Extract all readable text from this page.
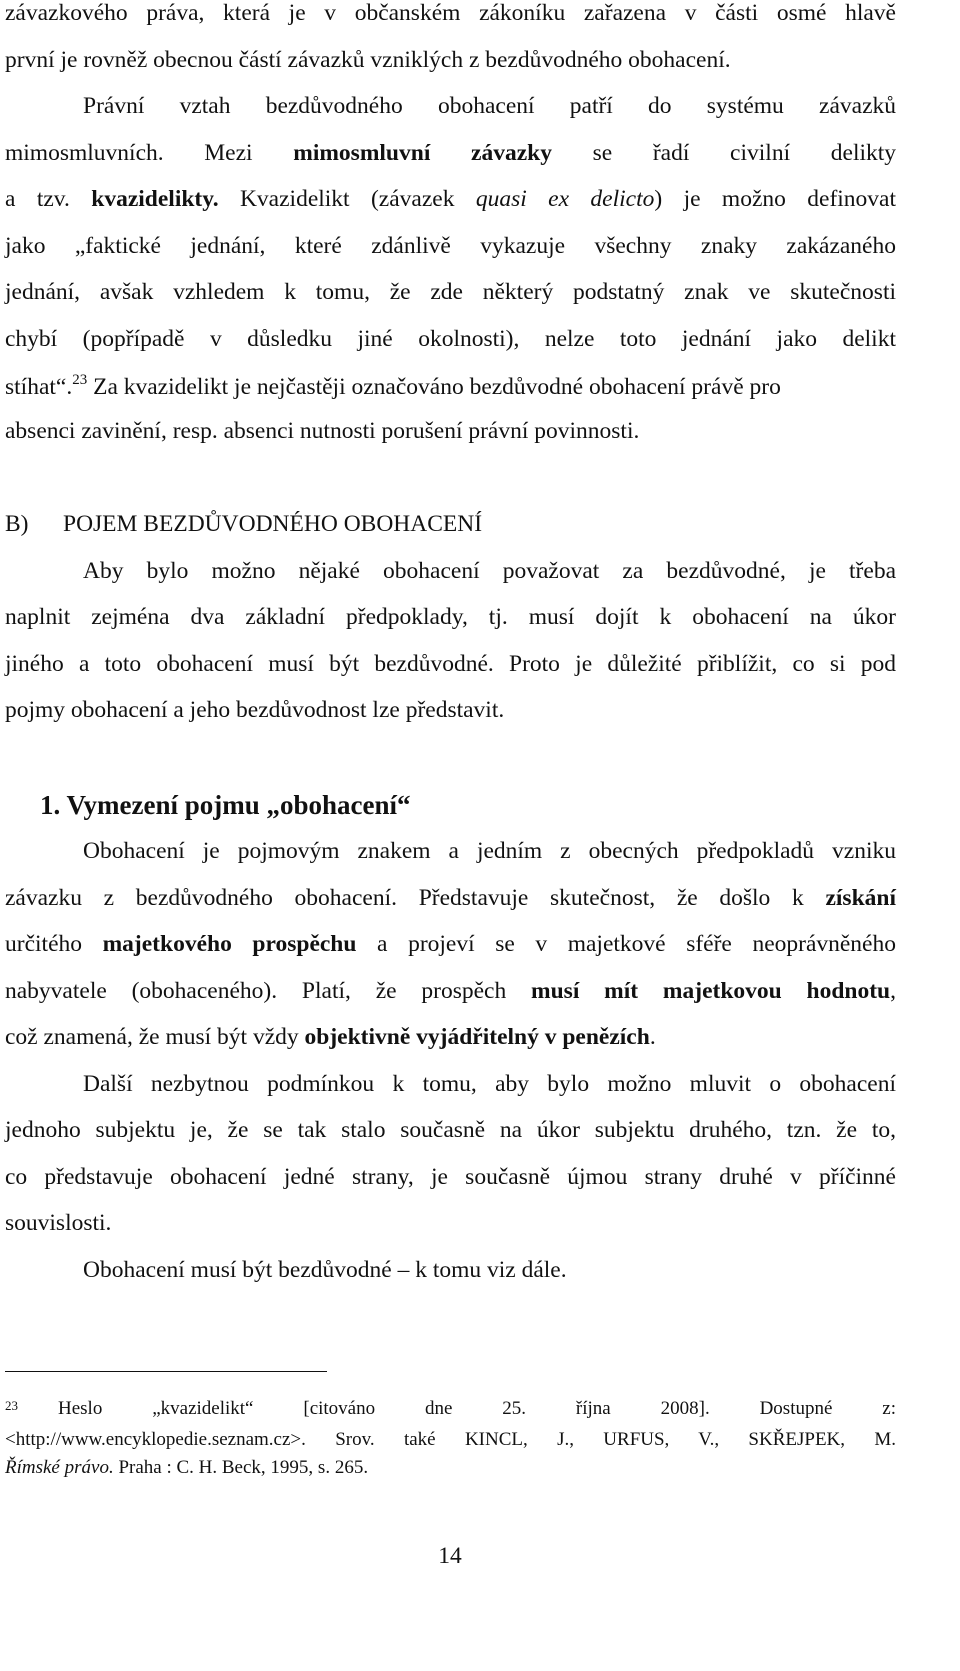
závazkového práva, která je v občanském zákoníku zařazena v části osmé hlavě
první je rovněž obecnou částí závazků vzniklých z bezdůvodného obohacení.
Právní vztah bezdůvodného obohacení patří do systému závazků
mimosmluvních. Mezi mimosmluvní závazky se řadí civilní delikty
a tzv. kvazidelikty. Kvazidelikt (závazek quasi ex delicto) je možno definovat
jako „faktické jednání, které zdánlivě vykazuje všechny znaky zakázaného
jednání, avšak vzhledem k tomu, že zde některý podstatný znak ve skutečnosti
chybí (popřípadě v důsledku jiné okolnosti), nelze toto jednání jako delikt
stíhat“.$^{23}$ Za kvazidelikt je nejčastěji označováno bezdůvodné obohacení právě pro
absenci zavinění, resp. absenci nutnosti porušení právní povinnosti.
B) POJEM BEZDŮVODNÉHO OBOHACENÍ
Aby bylo možno nějaké obohacení považovat za bezdůvodné, je třeba
naplnit zejména dva základní předpoklady, tj. musí dojít k obohacení na úkor
jiného a toto obohacení musí být bezdůvodné. Proto je důležité přiblížit, co si pod
pojmy obohacení a jeho bezdůvodnost lze představit.
1. Vymezení pojmu „obohacení“
Obohacení je pojmovým znakem a jedním z obecných předpokladů vzniku
závazku z bezdůvodného obohacení. Představuje skutečnost, že došlo k získání
určitého majetkového prospěchu a projeví se v majetkové sféře neoprávněného
nabyvatele (obohaceného). Platí, že prospěch musí mít majetkovou hodnotu,
což znamená, že musí být vždy objektivně vyjádřitelný v penězích.
Další nezbytnou podmínkou k tomu, aby bylo možno mluvit o obohacení
jednoho subjektu je, že se tak stalo současně na úkor subjektu druhého, tzn. že to,
co představuje obohacení jedné strany, je současně újmou strany druhé v příčinné
souvislosti.
Obohacení musí být bezdůvodné – k tomu viz dále.
$^{23}$ Heslo „kvazidelikt“ [citováno dne 25. října 2008]. Dostupné z:
<http://www.encyklopedie.seznam.cz>. Srov. také KINCL, J., URFUS, V., SKŘEJPEK, M.
Římské právo. Praha : C. H. Beck, 1995, s. 265.
14
